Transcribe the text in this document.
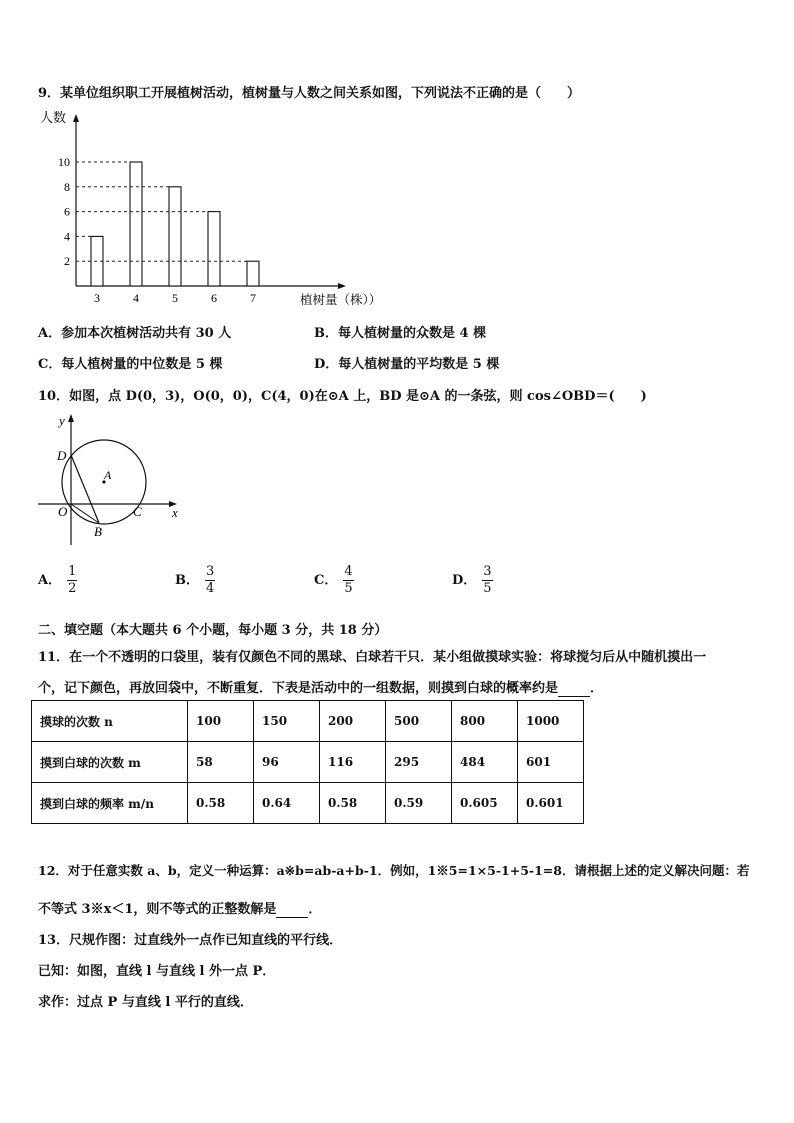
9．某单位组织职工开展植树活动，植树量与人数之间关系如图，下列说法不正确的是（　　）
3	4	5	6	7
2
4
6
8
10
人数
植树量（株））
A．参加本次植树活动共有 30 人	B．每人植树量的众数是 4 棵
C．每人植树量的中位数是 5 棵	D．每人植树量的平均数是 5 棵
10．如图，点 D(0，3)，O(0，0)，C(4，0)在⊙A 上，BD 是⊙A 的一条弦，则 cos∠OBD＝(　　)
y
x
D
A
O	C
B
A． $\frac{1}{2}$	B． $\frac{3}{4}$	C． $\frac{4}{5}$	D． $\frac{3}{5}$
二、填空题（本大题共 6 个小题，每小题 3 分，共 18 分）
11．在一个不透明的口袋里，装有仅颜色不同的黑球、白球若干只．某小组做摸球实验：将球搅匀后从中随机摸出一
个，记下颜色，再放回袋中，不断重复．下表是活动中的一组数据，则摸到白球的概率约是 ．
摸球的次数 n	100	150	200	500	800	1000
摸到白球的次数 m	58	96	116	295	484	601
摸到白球的频率 m/n	0.58	0.64	0.58	0.59	0.605	0.601
12．对于任意实数 a、b，定义一种运算：a※b=ab-a+b-1．例如，1※5=1×5-1+5-1=8．请根据上述的定义解决问题：若
不等式 3※x＜1，则不等式的正整数解是 ．
13．尺规作图：过直线外一点作已知直线的平行线．
已知：如图，直线 l 与直线 l 外一点 P．
求作：过点 P 与直线 l 平行的直线．
